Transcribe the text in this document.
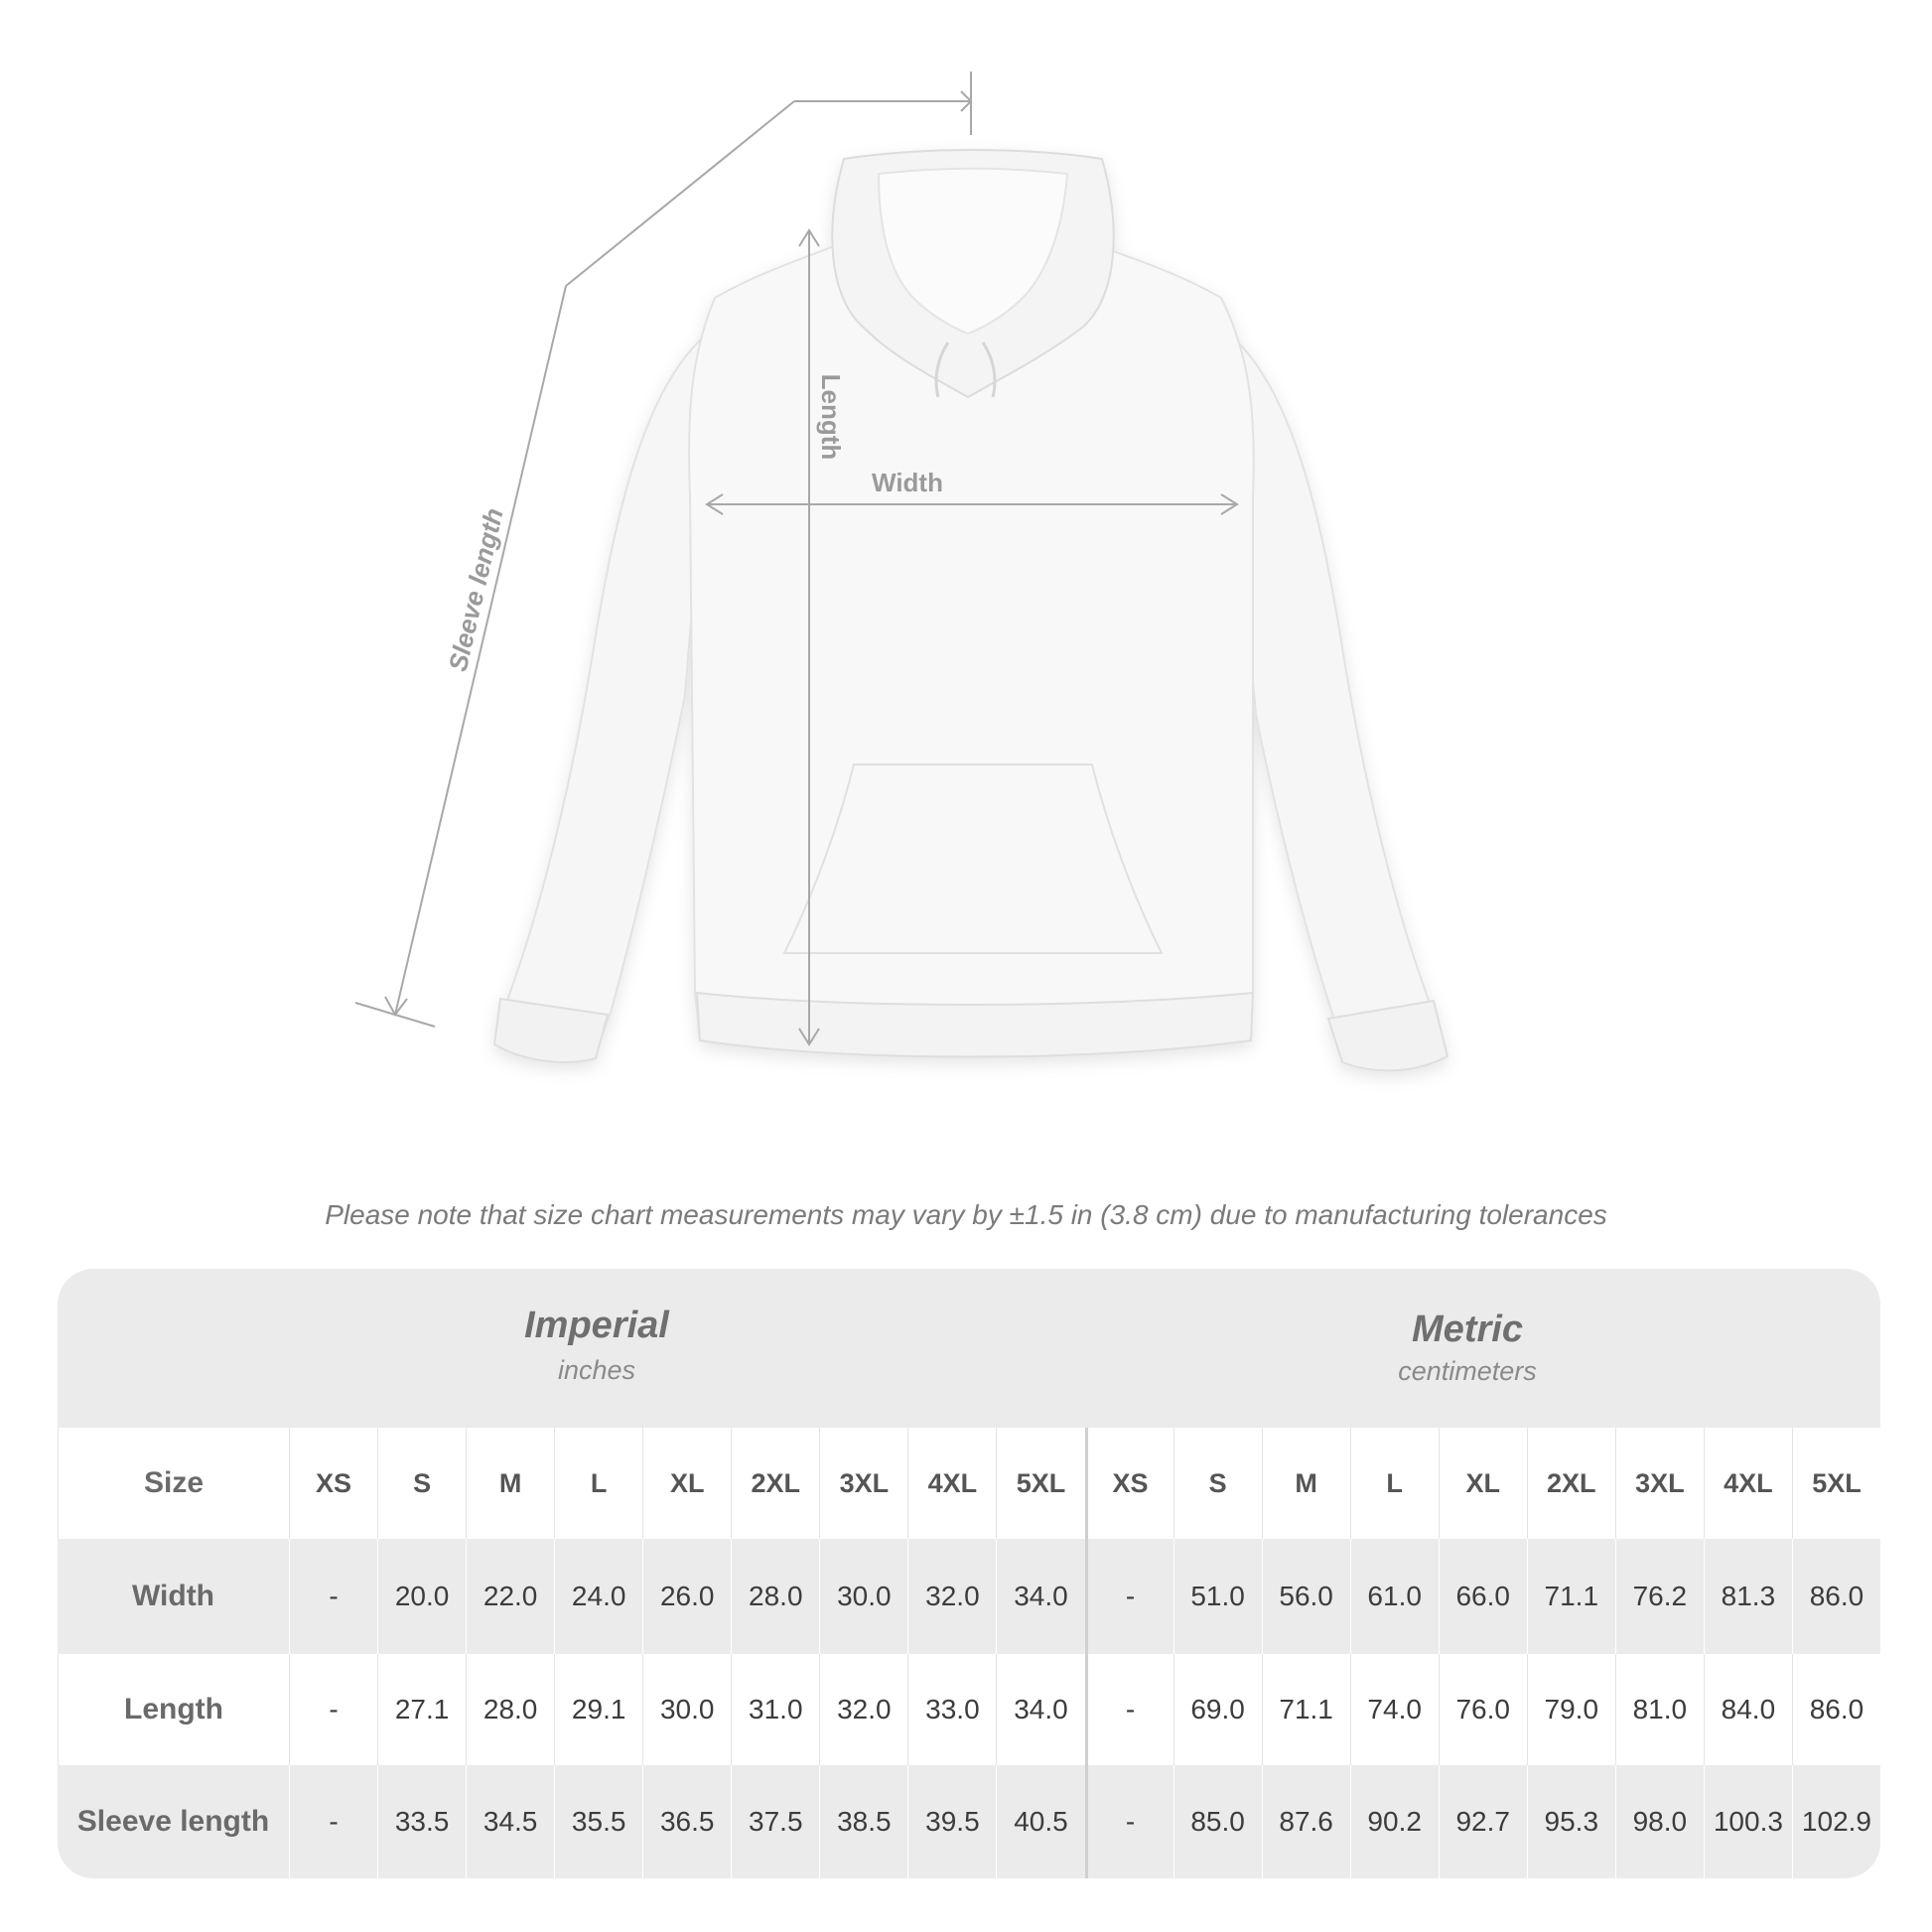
Sleeve length
Length
Width
Please note that size chart measurements may vary by ±1.5 in (3.8 cm) due to manufacturing tolerances
Imperial
inches
Metric
centimeters
Size	XS	S	M	L	XL	2XL	3XL	4XL	5XL	XS	S	M	L	XL	2XL	3XL	4XL	5XL
Width	-	20.0	22.0	24.0	26.0	28.0	30.0	32.0	34.0	-	51.0	56.0	61.0	66.0	71.1	76.2	81.3	86.0
Length	-	27.1	28.0	29.1	30.0	31.0	32.0	33.0	34.0	-	69.0	71.1	74.0	76.0	79.0	81.0	84.0	86.0
Sleeve length	-	33.5	34.5	35.5	36.5	37.5	38.5	39.5	40.5	-	85.0	87.6	90.2	92.7	95.3	98.0 100.3 102.9
